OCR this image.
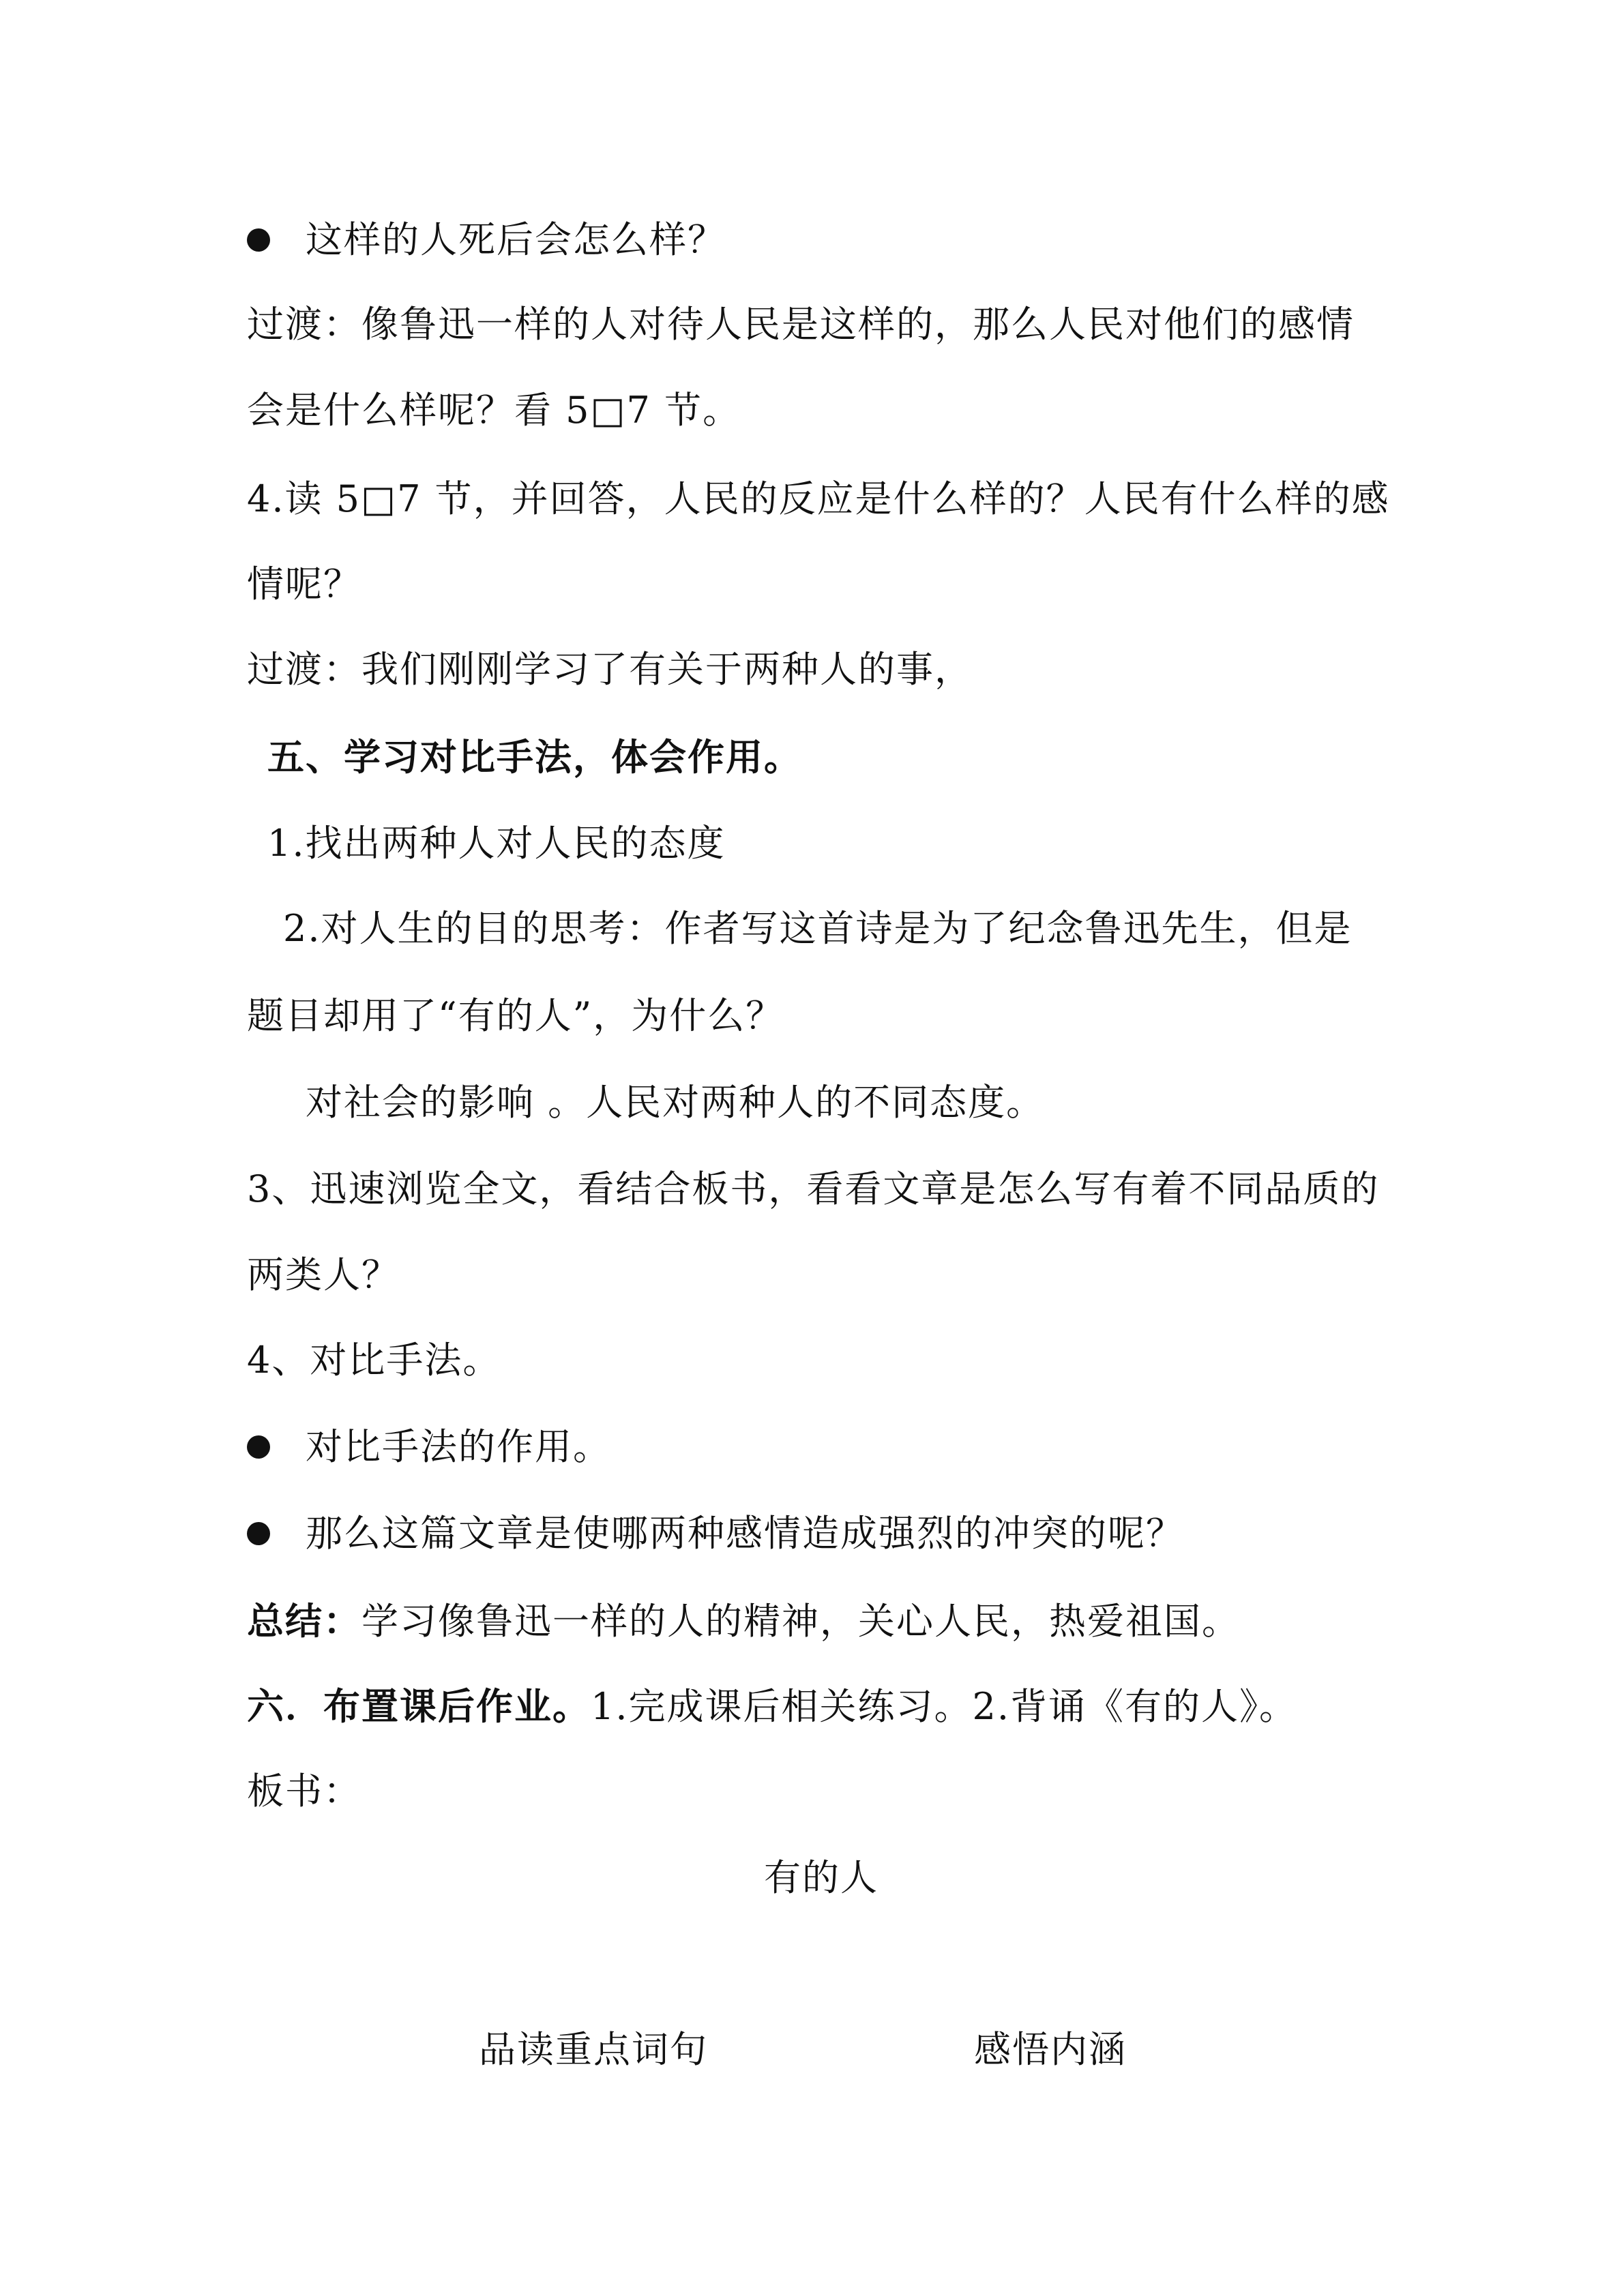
这样的人死后会怎么样？
过渡：像鲁迅一样的人对待人民是这样的，那么人民对他们的感情
会是什么样呢？看 5□7 节。
4.读 5□7 节，并回答，人民的反应是什么样的？人民有什么样的感
情呢？
过渡：我们刚刚学习了有关于两种人的事，
五、学习对比手法，体会作用。
1.找出两种人对人民的态度
2.对人生的目的思考：作者写这首诗是为了纪念鲁迅先生，但是
题目却用了“有的人”，为什么？
对社会的影响 。人民对两种人的不同态度。
3、迅速浏览全文，看结合板书，看看文章是怎么写有着不同品质的
两类人？
4、对比手法。
对比手法的作用。
那么这篇文章是使哪两种感情造成强烈的冲突的呢？
总结：学习像鲁迅一样的人的精神，关心人民，热爱祖国。
六．布置课后作业。1.完成课后相关练习。2.背诵《有的人》。
板书：
有的人
品读重点词句	感悟内涵
